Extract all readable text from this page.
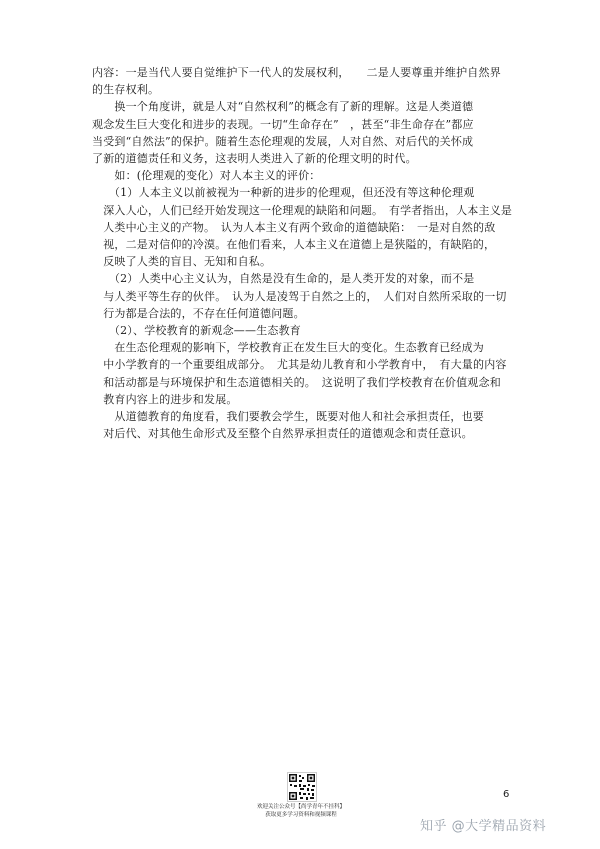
内容：一是当代人要自觉维护下一代人的发展权利，　　二是人要尊重并维护自然界
的生存权利。
　　换一个角度讲，就是人对“自然权利”的概念有了新的理解。这是人类道德
观念发生巨大变化和进步的表现。一切“生命存在”　，甚至“非生命存在”都应
当受到“自然法”的保护。随着生态伦理观的发展，人对自然、对后代的关怀成
了新的道德责任和义务，这表明人类进入了新的伦理文明的时代。
　　如：(伦理观的变化）对人本主义的评价：
　　（1）人本主义以前被视为一种新的进步的伦理观，但还没有等这种伦理观
　深入人心，人们已经开始发现这一伦理观的缺陷和问题。　有学者指出，人本主义是
　人类中心主义的产物。　认为人本主义有两个致命的道德缺陷：　一是对自然的敌
　视，二是对信仰的冷漠。在他们看来，人本主义在道德上是狭隘的，有缺陷的，
　反映了人类的盲目、无知和自私。
　　（2）人类中心主义认为，自然是没有生命的，是人类开发的对象，而不是
　与人类平等生存的伙伴。　认为人是凌驾于自然之上的，　人们对自然所采取的一切
　行为都是合法的，不存在任何道德问题。
　　（2）、学校教育的新观念——生态教育
　　在生态伦理观的影响下，学校教育正在发生巨大的变化。生态教育已经成为
　中小学教育的一个重要组成部分。　尤其是幼儿教育和小学教育中，　有大量的内容
　和活动都是与环境保护和生态道德相关的。　这说明了我们学校教育在价值观念和
　教育内容上的进步和发展。
　　从道德教育的角度看，我们要教会学生，既要对他人和社会承担责任，也要
　对后代、对其他生命形式及至整个自然界承担责任的道德观念和责任意识。
欢迎关注公众号【尚学青年不挂科】
获取更多学习资料和视频课程
6
知乎 @大学精品资料
